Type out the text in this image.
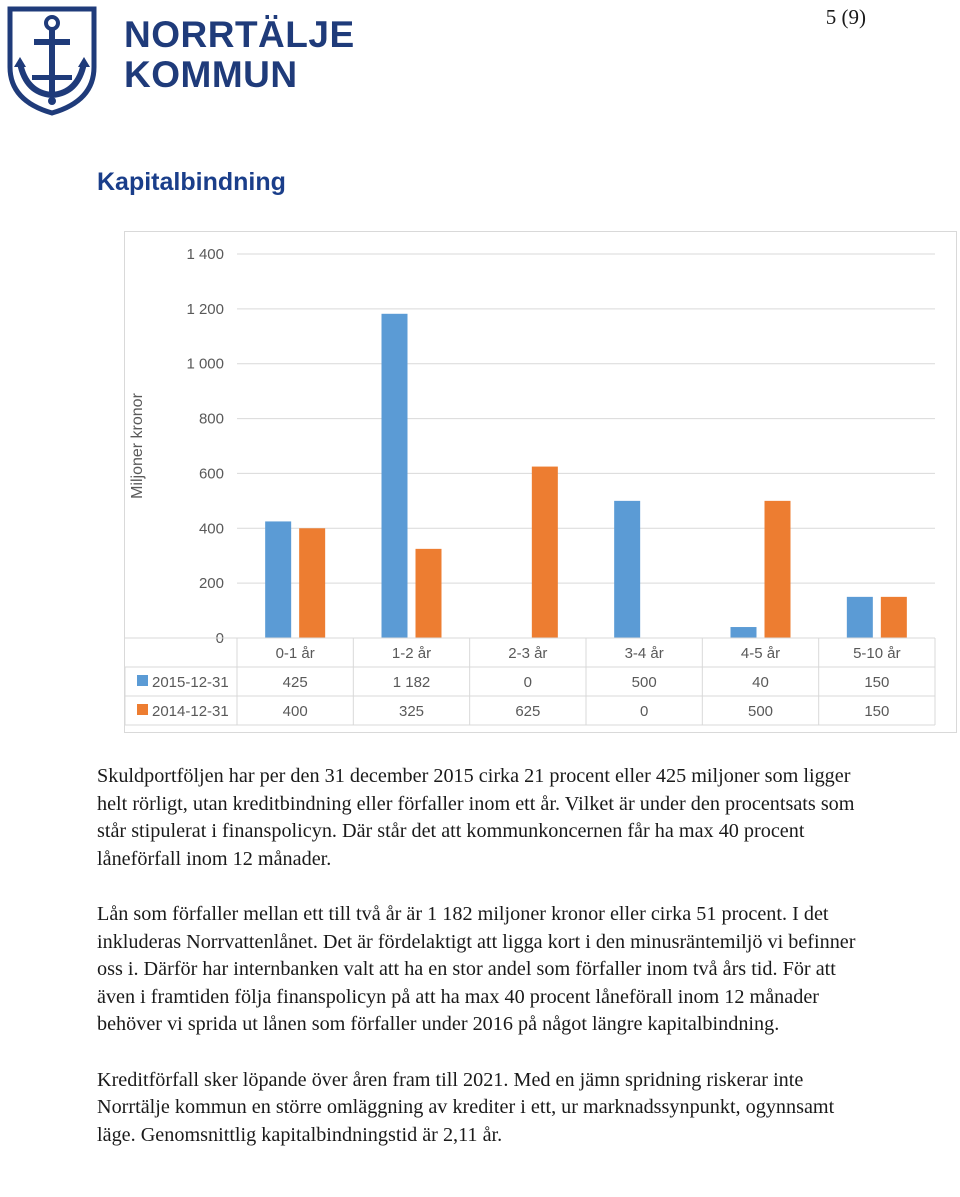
NORRTÄLJE
KOMMUN
5 (9)
Kapitalbindning
0
200
400
600
800
1 000
1 200
1 400
Miljoner kronor
0-1 år	1-2 år	2-3 år	3-4 år	4-5 år	5-10 år
2015-12-31	425	1 182	0	500	40	150
2014-12-31	400	325	625	0	500	150

Skuldportföljen har per den 31 december 2015 cirka 21 procent eller 425 miljoner som ligger helt rörligt, utan kreditbindning eller förfaller inom ett år. Vilket är under den procentsats som står stipulerat i finanspolicyn. Där står det att kommunkoncernen får ha max 40 procent låneförfall inom 12 månader.

Lån som förfaller mellan ett till två år är 1 182 miljoner kronor eller cirka 51 procent. I det inkluderas Norrvattenlånet. Det är fördelaktigt att ligga kort i den minusräntemiljö vi befinner oss i. Därför har internbanken valt att ha en stor andel som förfaller inom två års tid. För att även i framtiden följa finanspolicyn på att ha max 40 procent låneförall inom 12 månader behöver vi sprida ut lånen som förfaller under 2016 på något längre kapitalbindning.

Kreditförfall sker löpande över åren fram till 2021. Med en jämn spridning riskerar inte Norrtälje kommun en större omläggning av krediter i ett, ur marknadssynpunkt, ogynnsamt läge. Genomsnittlig kapitalbindningstid är 2,11 år.
